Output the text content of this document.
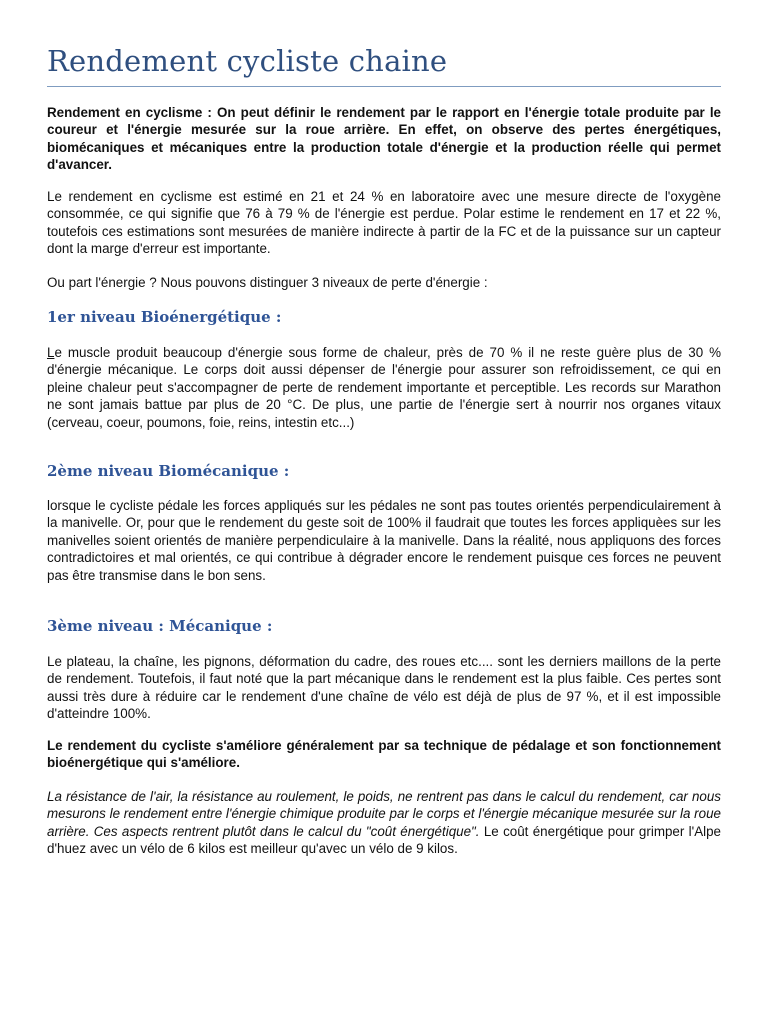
Rendement cycliste chaine

Rendement en cyclisme : On peut définir le rendement par le rapport en l'énergie totale produite par le coureur et l'énergie mesurée sur la roue arrière. En effet, on observe des pertes énergétiques, biomécaniques et mécaniques entre la production totale d'énergie et la production réelle qui permet d'avancer.

Le rendement en cyclisme est estimé en 21 et 24 % en laboratoire avec une mesure directe de l'oxygène consommée, ce qui signifie que 76 à 79 % de l'énergie est perdue. Polar estime le rendement en 17 et 22 %, toutefois ces estimations sont mesurées de manière indirecte à partir de la FC et de la puissance sur un capteur dont la marge d'erreur est importante.

Ou part l'énergie ? Nous pouvons distinguer 3 niveaux de perte d'énergie :

1er niveau Bioénergétique :

Le muscle produit beaucoup d'énergie sous forme de chaleur, près de 70 % il ne reste guère plus de 30 % d'énergie mécanique. Le corps doit aussi dépenser de l'énergie pour assurer son refroidissement, ce qui en pleine chaleur peut s'accompagner de perte de rendement importante et perceptible. Les records sur Marathon ne sont jamais battue par plus de 20 °C. De plus, une partie de l'énergie sert à nourrir nos organes vitaux (cerveau, coeur, poumons, foie, reins, intestin etc...)

2ème niveau Biomécanique :

lorsque le cycliste pédale les forces appliqués sur les pédales ne sont pas toutes orientés perpendiculairement à la manivelle. Or, pour que le rendement du geste soit de 100% il faudrait que toutes les forces appliquèes sur les manivelles soient orientés de manière perpendiculaire à la manivelle. Dans la réalité, nous appliquons des forces contradictoires et mal orientés, ce qui contribue à dégrader encore le rendement puisque ces forces ne peuvent pas être transmise dans le bon sens.

3ème niveau : Mécanique :

Le plateau, la chaîne, les pignons, déformation du cadre, des roues etc.... sont les derniers maillons de la perte de rendement. Toutefois, il faut noté que la part mécanique dans le rendement est la plus faible. Ces pertes sont aussi très dure à réduire car le rendement d'une chaîne de vélo est déjà de plus de 97 %, et il est impossible d'atteindre 100%.

Le rendement du cycliste s'améliore généralement par sa technique de pédalage et son fonctionnement bioénergétique qui s'améliore.

La résistance de l'air, la résistance au roulement, le poids, ne rentrent pas dans le calcul du rendement, car nous mesurons le rendement entre l'énergie chimique produite par le corps et l'énergie mécanique mesurée sur la roue arrière. Ces aspects rentrent plutôt dans le calcul du "coût énergétique". Le coût énergétique pour grimper l'Alpe d'huez avec un vélo de 6 kilos est meilleur qu'avec un vélo de 9 kilos.
